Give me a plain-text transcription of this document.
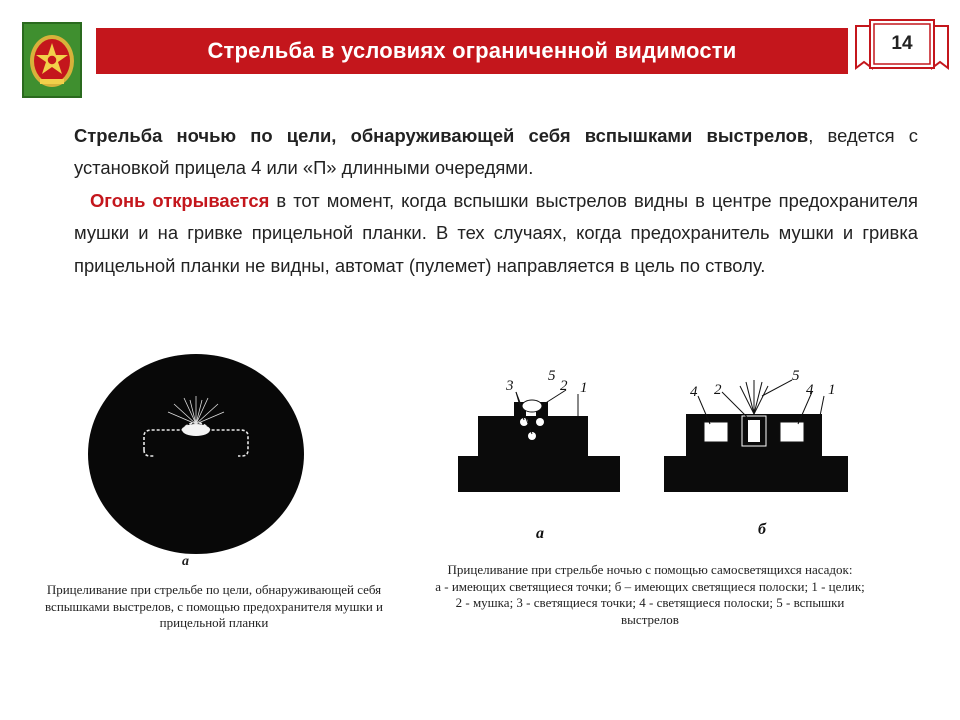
Стрельба в условиях ограниченной видимости	14

Стрельба ночью по цели, обнаруживающей себя вспышками выстрелов, ведется с установкой прицела 4 или «П» длинными очередями.

Огонь открывается в тот момент, когда вспышки выстрелов видны в центре предохранителя мушки и на гривке прицельной планки. В тех случаях, когда предохранитель мушки и гривка прицельной планки не видны, автомат (пулемет) направляется в цель по стволу.

а
3
5
2 1
а
4 2
5
4 1
б
Прицеливание при стрельбе по цели, обнаруживающей себя вспышками выстрелов, с помощью предохранителя мушки и прицельной планки
Прицеливание при стрельбе ночью с помощью самосветящихся насадок:
а - имеющих светящиеся точки; б – имеющих светящиеся полоски; 1 - целик; 2 - мушка; 3 - светящиеся точки; 4 - светящиеся полоски; 5 - вспышки выстрелов
